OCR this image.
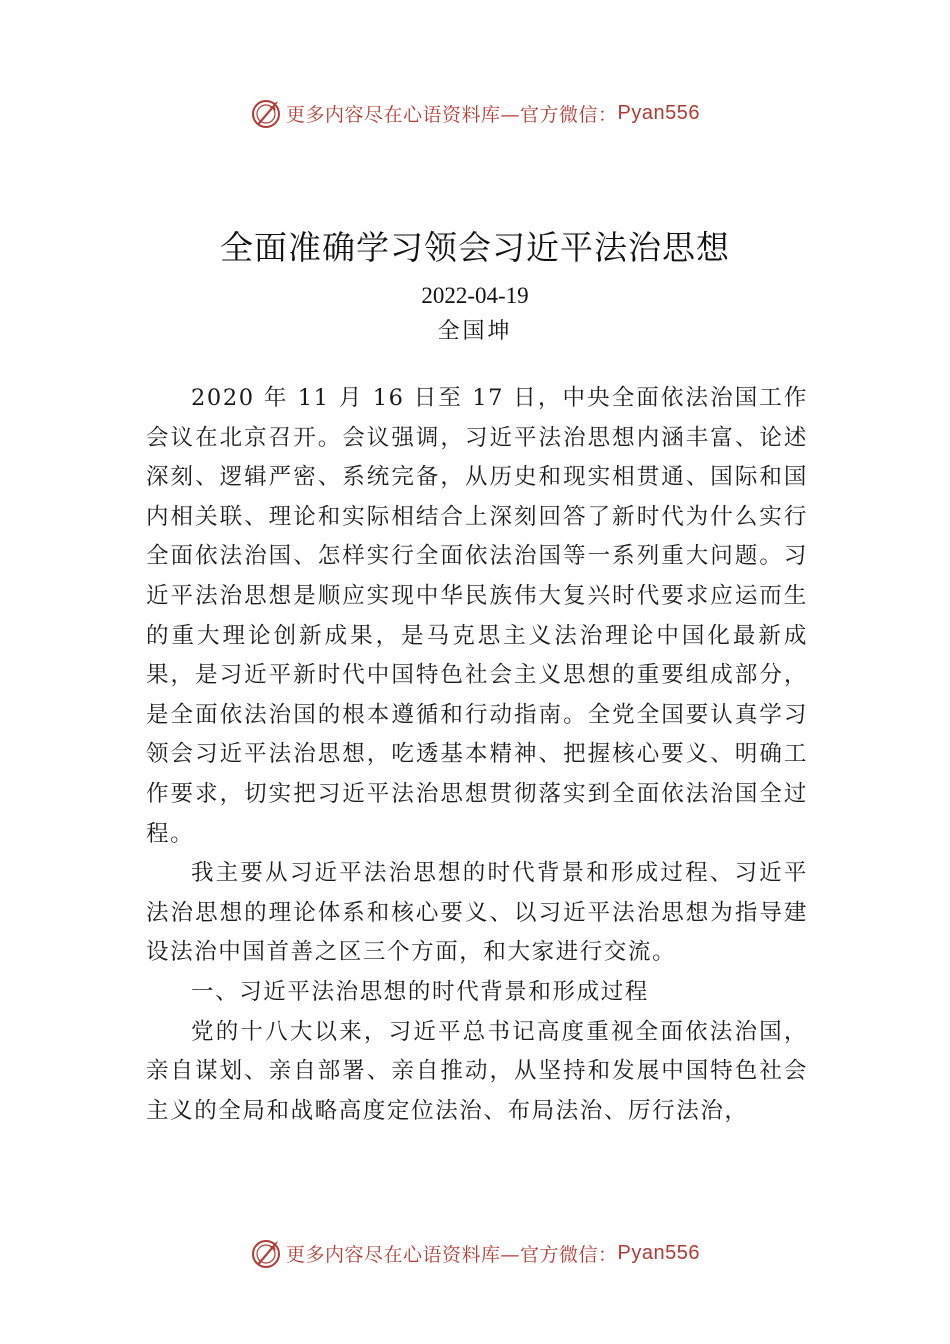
更多内容尽在心语资料库—官方微信： Pyan556
全面准确学习领会习近平法治思想
2022-04-19
全国坤

2020 年 11 月 16 日至 17 日，中央全面依法治国工作会议在北京召开。会议强调，习近平法治思想内涵丰富、论述深刻、逻辑严密、系统完备，从历史和现实相贯通、国际和国内相关联、理论和实际相结合上深刻回答了新时代为什么实行全面依法治国、怎样实行全面依法治国等一系列重大问题。习近平法治思想是顺应实现中华民族伟大复兴时代要求应运而生的重大理论创新成果，是马克思主义法治理论中国化最新成果，是习近平新时代中国特色社会主义思想的重要组成部分，是全面依法治国的根本遵循和行动指南。全党全国要认真学习领会习近平法治思想，吃透基本精神、把握核心要义、明确工作要求，切实把习近平法治思想贯彻落实到全面依法治国全过程。

我主要从习近平法治思想的时代背景和形成过程、习近平法治思想的理论体系和核心要义、以习近平法治思想为指导建设法治中国首善之区三个方面，和大家进行交流。

一、习近平法治思想的时代背景和形成过程

党的十八大以来，习近平总书记高度重视全面依法治国，亲自谋划、亲自部署、亲自推动，从坚持和发展中国特色社会主义的全局和战略高度定位法治、布局法治、厉行法治，

更多内容尽在心语资料库—官方微信： Pyan556
